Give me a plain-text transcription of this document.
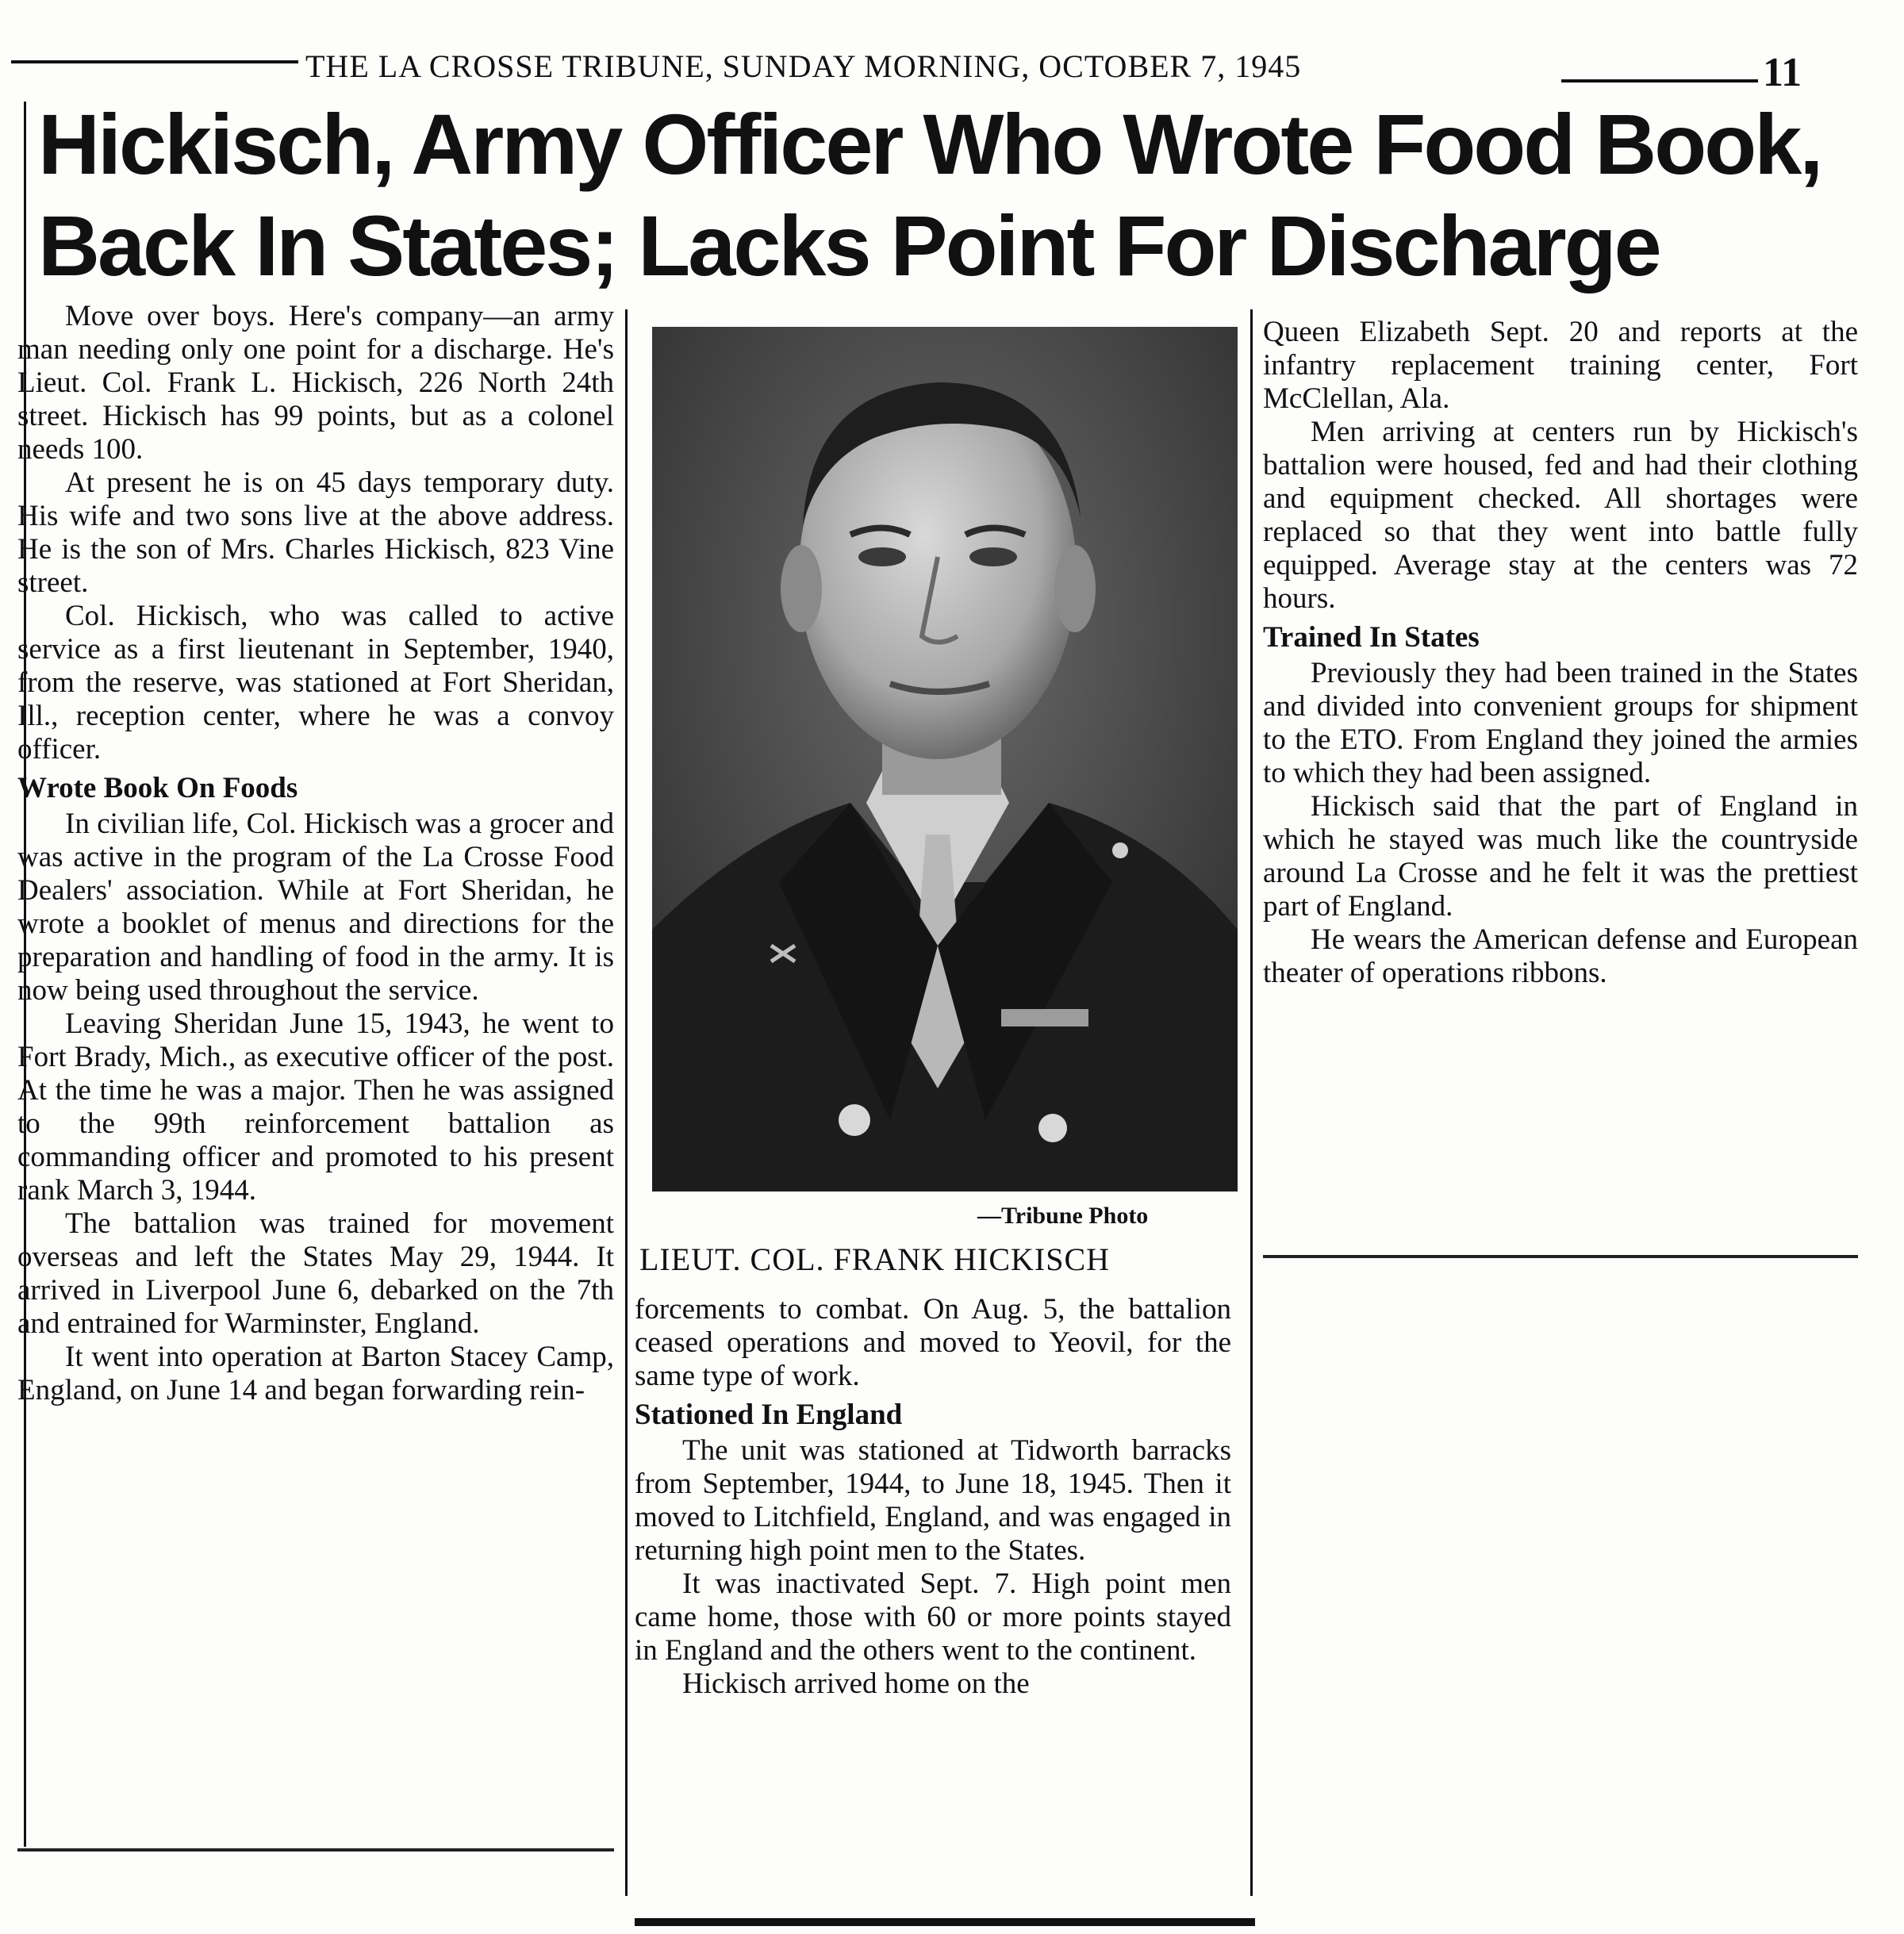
THE LA CROSSE TRIBUNE, SUNDAY MORNING, OCTOBER 7, 1945	11
Hickisch, Army Officer Who Wrote Food Book,
Back In States; Lacks Point For Discharge

Move over boys. Here's company—an army man needing only one point for a discharge. He's Lieut. Col. Frank L. Hickisch, 226 North 24th street. Hickisch has 99 points, but as a colonel needs 100.

At present he is on 45 days temporary duty. His wife and two sons live at the above address. He is the son of Mrs. Charles Hickisch, 823 Vine street.

Col. Hickisch, who was called to active service as a first lieutenant in September, 1940, from the reserve, was stationed at Fort Sheridan, Ill., reception center, where he was a convoy officer.

Wrote Book On Foods

In civilian life, Col. Hickisch was a grocer and was active in the program of the La Crosse Food Dealers' association. While at Fort Sheridan, he wrote a booklet of menus and directions for the preparation and handling of food in the army. It is now being used throughout the service.

Leaving Sheridan June 15, 1943, he went to Fort Brady, Mich., as executive officer of the post. At the time he was a major. Then he was assigned to the 99th reinforcement battalion as commanding officer and promoted to his present rank March 3, 1944.

The battalion was trained for movement overseas and left the States May 29, 1944. It arrived in Liverpool June 6, debarked on the 7th and entrained for Warminster, England.

It went into operation at Barton Stacey Camp, England, on June 14 and began forwarding rein-

—Tribune Photo
LIEUT. COL. FRANK HICKISCH

forcements to combat. On Aug. 5, the battalion ceased operations and moved to Yeovil, for the same type of work.

Stationed In England

The unit was stationed at Tidworth barracks from September, 1944, to June 18, 1945. Then it moved to Litchfield, England, and was engaged in returning high point men to the States.

It was inactivated Sept. 7. High point men came home, those with 60 or more points stayed in England and the others went to the continent.

Hickisch arrived home on the

Queen Elizabeth Sept. 20 and reports at the infantry replacement training center, Fort McClellan, Ala.

Men arriving at centers run by Hickisch's battalion were housed, fed and had their clothing and equipment checked. All shortages were replaced so that they went into battle fully equipped. Average stay at the centers was 72 hours.

Trained In States

Previously they had been trained in the States and divided into convenient groups for shipment to the ETO. From England they joined the armies to which they had been assigned.

Hickisch said that the part of England in which he stayed was much like the countryside around La Crosse and he felt it was the prettiest part of England.

He wears the American defense and European theater of operations ribbons.
